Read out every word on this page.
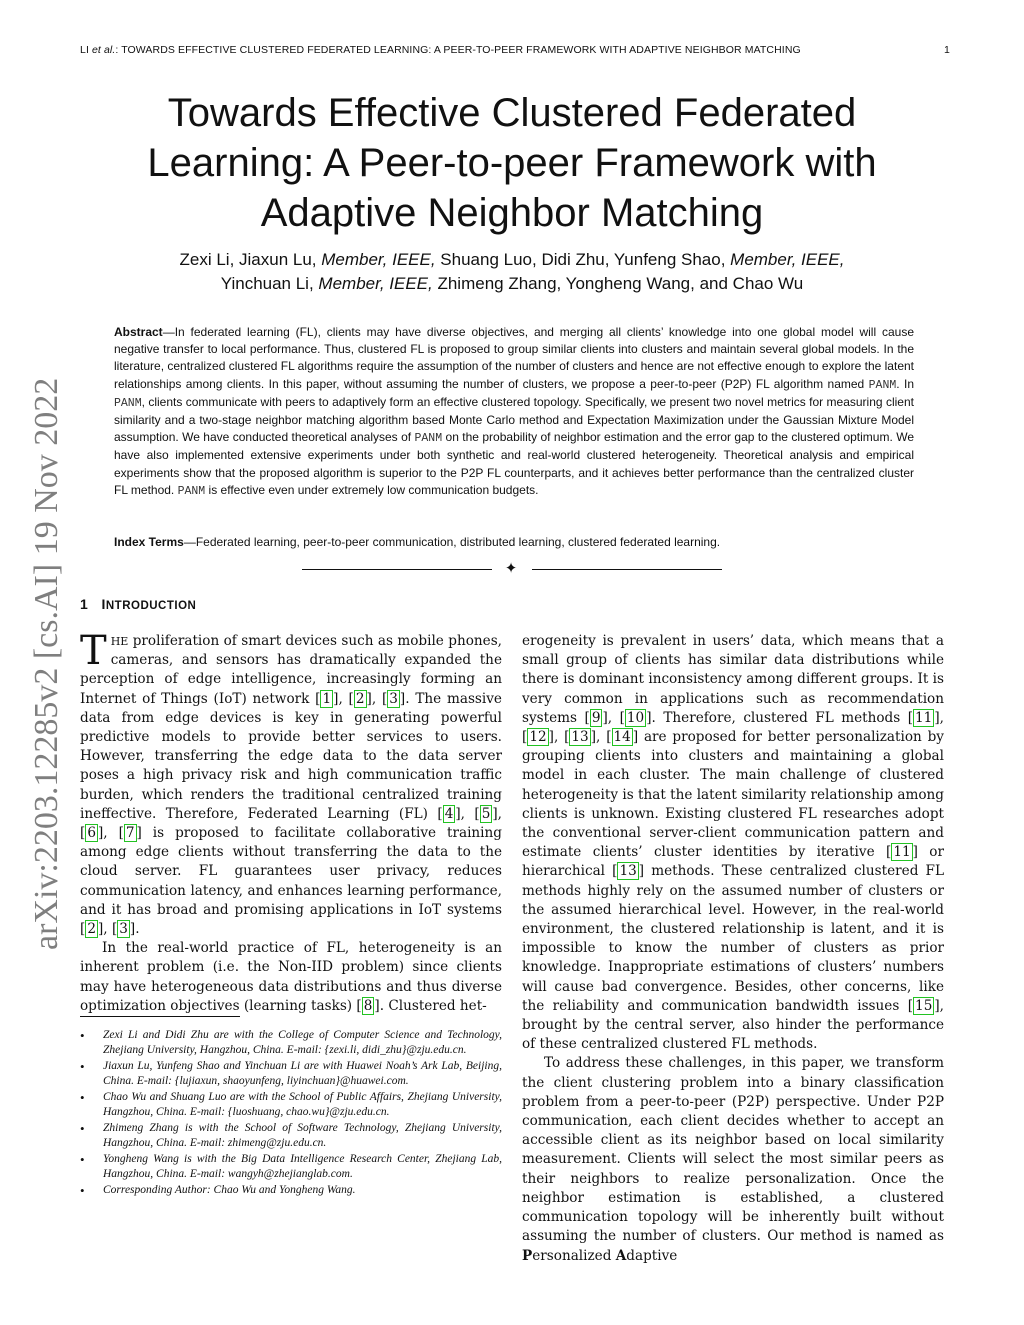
LI et al.: TOWARDS EFFECTIVE CLUSTERED FEDERATED LEARNING: A PEER-TO-PEER FRAMEWORK WITH ADAPTIVE NEIGHBOR MATCHING	1
arXiv:2203.12285v2 [cs.AI] 19 Nov 2022
Towards Effective Clustered Federated
Learning: A Peer-to-peer Framework with
Adaptive Neighbor Matching
Zexi Li, Jiaxun Lu, Member, IEEE, Shuang Luo, Didi Zhu, Yunfeng Shao, Member, IEEE,
Yinchuan Li, Member, IEEE, Zhimeng Zhang, Yongheng Wang, and Chao Wu
Abstract—In federated learning (FL), clients may have diverse objectives, and merging all clients’ knowledge into one global model will cause negative transfer to local performance. Thus, clustered FL is proposed to group similar clients into clusters and maintain several global models. In the literature, centralized clustered FL algorithms require the assumption of the number of clusters and hence are not effective enough to explore the latent relationships among clients. In this paper, without assuming the number of clusters, we propose a peer-to-peer (P2P) FL algorithm named PANM. In PANM, clients communicate with peers to adaptively form an effective clustered topology. Specifically, we present two novel metrics for measuring client similarity and a two-stage neighbor matching algorithm based Monte Carlo method and Expectation Maximization under the Gaussian Mixture Model assumption. We have conducted theoretical analyses of PANM on the probability of neighbor estimation and the error gap to the clustered optimum. We have also implemented extensive experiments under both synthetic and real-world clustered heterogeneity. Theoretical analysis and empirical experiments show that the proposed algorithm is superior to the P2P FL counterparts, and it achieves better performance than the centralized cluster FL method. PANM is effective even under extremely low communication budgets.
Index Terms—Federated learning, peer-to-peer communication, distributed learning, clustered federated learning.
✦
1 INTRODUCTION

THE proliferation of smart devices such as mobile phones, cameras, and sensors has dramatically expanded the perception of edge intelligence, increasingly forming an Internet of Things (IoT) network [ 1 ], [ 2 ], [ 3 ]. The massive data from edge devices is key in generating powerful predictive models to provide better services to users. However, transferring the edge data to the data server poses a high privacy risk and high communication traffic burden, which renders the traditional centralized training ineffective. Therefore, Federated Learning (FL) [ 4 ], [ 5 ], [ 6 ], [ 7 ] is proposed to facilitate collaborative training among edge clients without transferring the data to the cloud server. FL guarantees user privacy, reduces communication latency, and enhances learning performance, and it has broad and promising applications in IoT systems [ 2 ], [ 3 ].

In the real-world practice of FL, heterogeneity is an inherent problem (i.e. the Non-IID problem) since clients may have heterogeneous data distributions and thus diverse optimization objectives (learning tasks) [ 8 ]. Clustered het-

• Zexi Li and Didi Zhu are with the College of Computer Science and Technology, Zhejiang University, Hangzhou, China. E-mail: {zexi.li, didi_zhu}@zju.edu.cn.
• Jiaxun Lu, Yunfeng Shao and Yinchuan Li are with Huawei Noah’s Ark Lab, Beijing, China. E-mail: {lujiaxun, shaoyunfeng, liyinchuan}@huawei.com.
• Chao Wu and Shuang Luo are with the School of Public Affairs, Zhejiang University, Hangzhou, China. E-mail: {luoshuang, chao.wu}@zju.edu.cn.
• Zhimeng Zhang is with the School of Software Technology, Zhejiang University, Hangzhou, China. E-mail: zhimeng@zju.edu.cn.
• Yongheng Wang is with the Big Data Intelligence Research Center, Zhejiang Lab, Hangzhou, China. E-mail: wangyh@zhejianglab.com.
• Corresponding Author: Chao Wu and Yongheng Wang.

erogeneity is prevalent in users’ data, which means that a small group of clients has similar data distributions while there is dominant inconsistency among different groups. It is very common in applications such as recommendation systems [ 9 ], [ 10 ]. Therefore, clustered FL methods [ 11 ], [ 12 ], [ 13 ], [ 14 ] are proposed for better personalization by grouping clients into clusters and maintaining a global model in each cluster. The main challenge of clustered heterogeneity is that the latent similarity relationship among clients is unknown. Existing clustered FL researches adopt the conventional server-client communication pattern and estimate clients’ cluster identities by iterative [ 11 ] or hierarchical [ 13 ] methods. These centralized clustered FL methods highly rely on the assumed number of clusters or the assumed hierarchical level. However, in the real-world environment, the clustered relationship is latent, and it is impossible to know the number of clusters as prior knowledge. Inappropriate estimations of clusters’ numbers will cause bad convergence. Besides, other concerns, like the reliability and communication bandwidth issues [ 15 ], brought by the central server, also hinder the performance of these centralized clustered FL methods.

To address these challenges, in this paper, we transform the client clustering problem into a binary classification problem from a peer-to-peer (P2P) perspective. Under P2P communication, each client decides whether to accept an accessible client as its neighbor based on local similarity measurement. Clients will select the most similar peers as their neighbors to realize personalization. Once the neighbor estimation is established, a clustered communication topology will be inherently built without assuming the number of clusters. Our method is named as Personalized Adaptive
